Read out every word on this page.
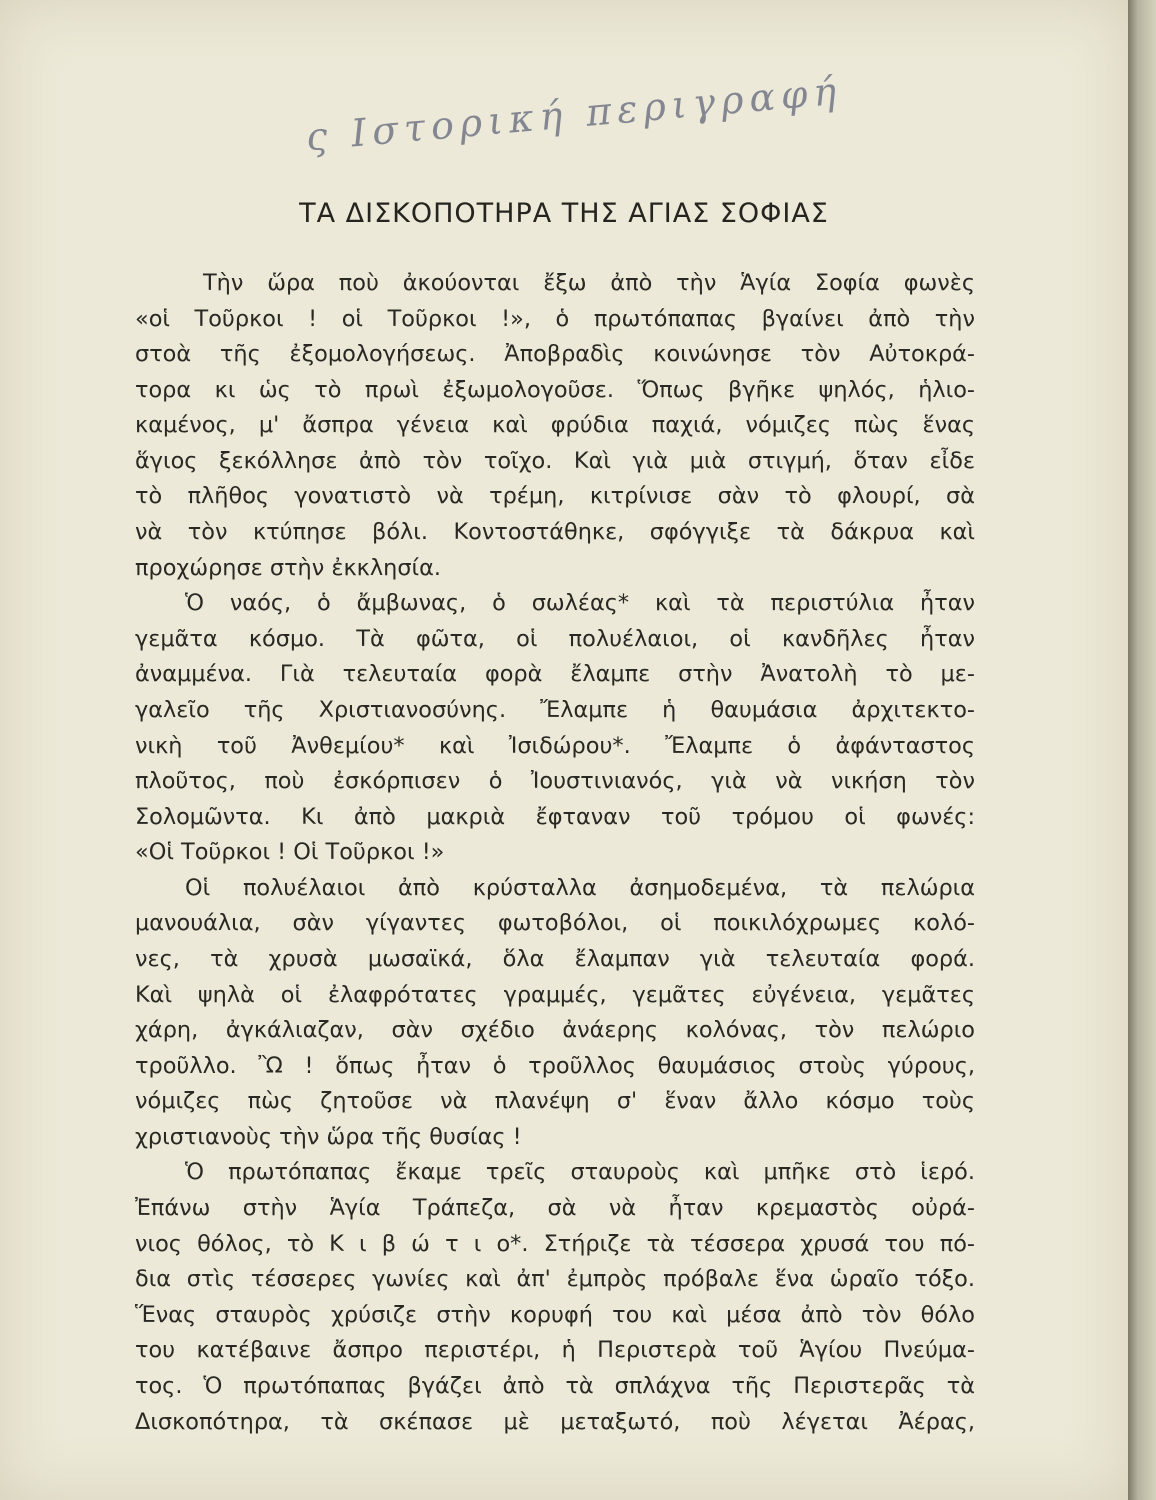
ς Ιστορική περιγραφή
ΤΑ ΔΙΣΚΟΠΟΤΗΡΑ ΤΗΣ ΑΓΙΑΣ ΣΟΦΙΑΣ
Τὴν ὥρα ποὺ ἀκούονται ἔξω ἀπὸ τὴν Ἁγία Σοφία φωνὲς
«οἱ Τοῦρκοι ! οἱ Τοῦρκοι !», ὁ πρωτόπαπας βγαίνει ἀπὸ τὴν
στοὰ τῆς ἐξομολογήσεως. Ἀποβραδὶς κοινώνησε τὸν Αὐτοκρά-
τορα κι ὡς τὸ πρωὶ ἐξωμολογοῦσε. Ὅπως βγῆκε ψηλός, ἡλιο-
καμένος, μ' ἄσπρα γένεια καὶ φρύδια παχιά, νόμιζες πὼς ἕνας
ἅγιος ξεκόλλησε ἀπὸ τὸν τοῖχο. Καὶ γιὰ μιὰ στιγμή, ὅταν εἶδε
τὸ πλῆθος γονατιστὸ νὰ τρέμη, κιτρίνισε σὰν τὸ φλουρί, σὰ
νὰ τὸν κτύπησε βόλι. Κοντοστάθηκε, σφόγγιξε τὰ δάκρυα καὶ
προχώρησε στὴν ἐκκλησία.
Ὁ ναός, ὁ ἄμβωνας, ὁ σωλέας* καὶ τὰ περιστύλια ἦταν
γεμᾶτα κόσμο. Τὰ φῶτα, οἱ πολυέλαιοι, οἱ κανδῆλες ἦταν
ἀναμμένα. Γιὰ τελευταία φορὰ ἔλαμπε στὴν Ἀνατολὴ τὸ με-
γαλεῖο τῆς Χριστιανοσύνης. Ἔλαμπε ἡ θαυμάσια ἀρχιτεκτο-
νικὴ τοῦ Ἀνθεμίου* καὶ Ἰσιδώρου*. Ἔλαμπε ὁ ἀφάνταστος
πλοῦτος, ποὺ ἐσκόρπισεν ὁ Ἰουστινιανός, γιὰ νὰ νικήση τὸν
Σολομῶντα. Κι ἀπὸ μακριὰ ἔφταναν τοῦ τρόμου οἱ φωνές:
«Οἱ Τοῦρκοι ! Οἱ Τοῦρκοι !»
Οἱ πολυέλαιοι ἀπὸ κρύσταλλα ἀσημοδεμένα, τὰ πελώρια
μανουάλια, σὰν γίγαντες φωτοβόλοι, οἱ ποικιλόχρωμες κολό-
νες, τὰ χρυσὰ μωσαϊκά, ὅλα ἔλαμπαν γιὰ τελευταία φορά.
Καὶ ψηλὰ οἱ ἐλαφρότατες γραμμές, γεμᾶτες εὐγένεια, γεμᾶτες
χάρη, ἀγκάλιαζαν, σὰν σχέδιο ἀνάερης κολόνας, τὸν πελώριο
τροῦλλο. Ὢ ! ὅπως ἦταν ὁ τροῦλλος θαυμάσιος στοὺς γύρους,
νόμιζες πὼς ζητοῦσε νὰ πλανέψη σ' ἕναν ἄλλο κόσμο τοὺς
χριστιανοὺς τὴν ὥρα τῆς θυσίας !
Ὁ πρωτόπαπας ἔκαμε τρεῖς σταυροὺς καὶ μπῆκε στὸ ἱερό.
Ἐπάνω στὴν Ἁγία Τράπεζα, σὰ νὰ ἦταν κρεμαστὸς οὐρά-
νιος θόλος, τὸ Κ ι β ώ τ ι ο*. Στήριζε τὰ τέσσερα χρυσά του πό-
δια στὶς τέσσερες γωνίες καὶ ἀπ' ἐμπρὸς πρόβαλε ἕνα ὡραῖο τόξο.
Ἕνας σταυρὸς χρύσιζε στὴν κορυφή του καὶ μέσα ἀπὸ τὸν θόλο
του κατέβαινε ἄσπρο περιστέρι, ἡ Περιστερὰ τοῦ Ἁγίου Πνεύμα-
τος. Ὁ πρωτόπαπας βγάζει ἀπὸ τὰ σπλάχνα τῆς Περιστερᾶς τὰ
Δισκοπότηρα, τὰ σκέπασε μὲ μεταξωτό, ποὺ λέγεται Ἀέρας,
